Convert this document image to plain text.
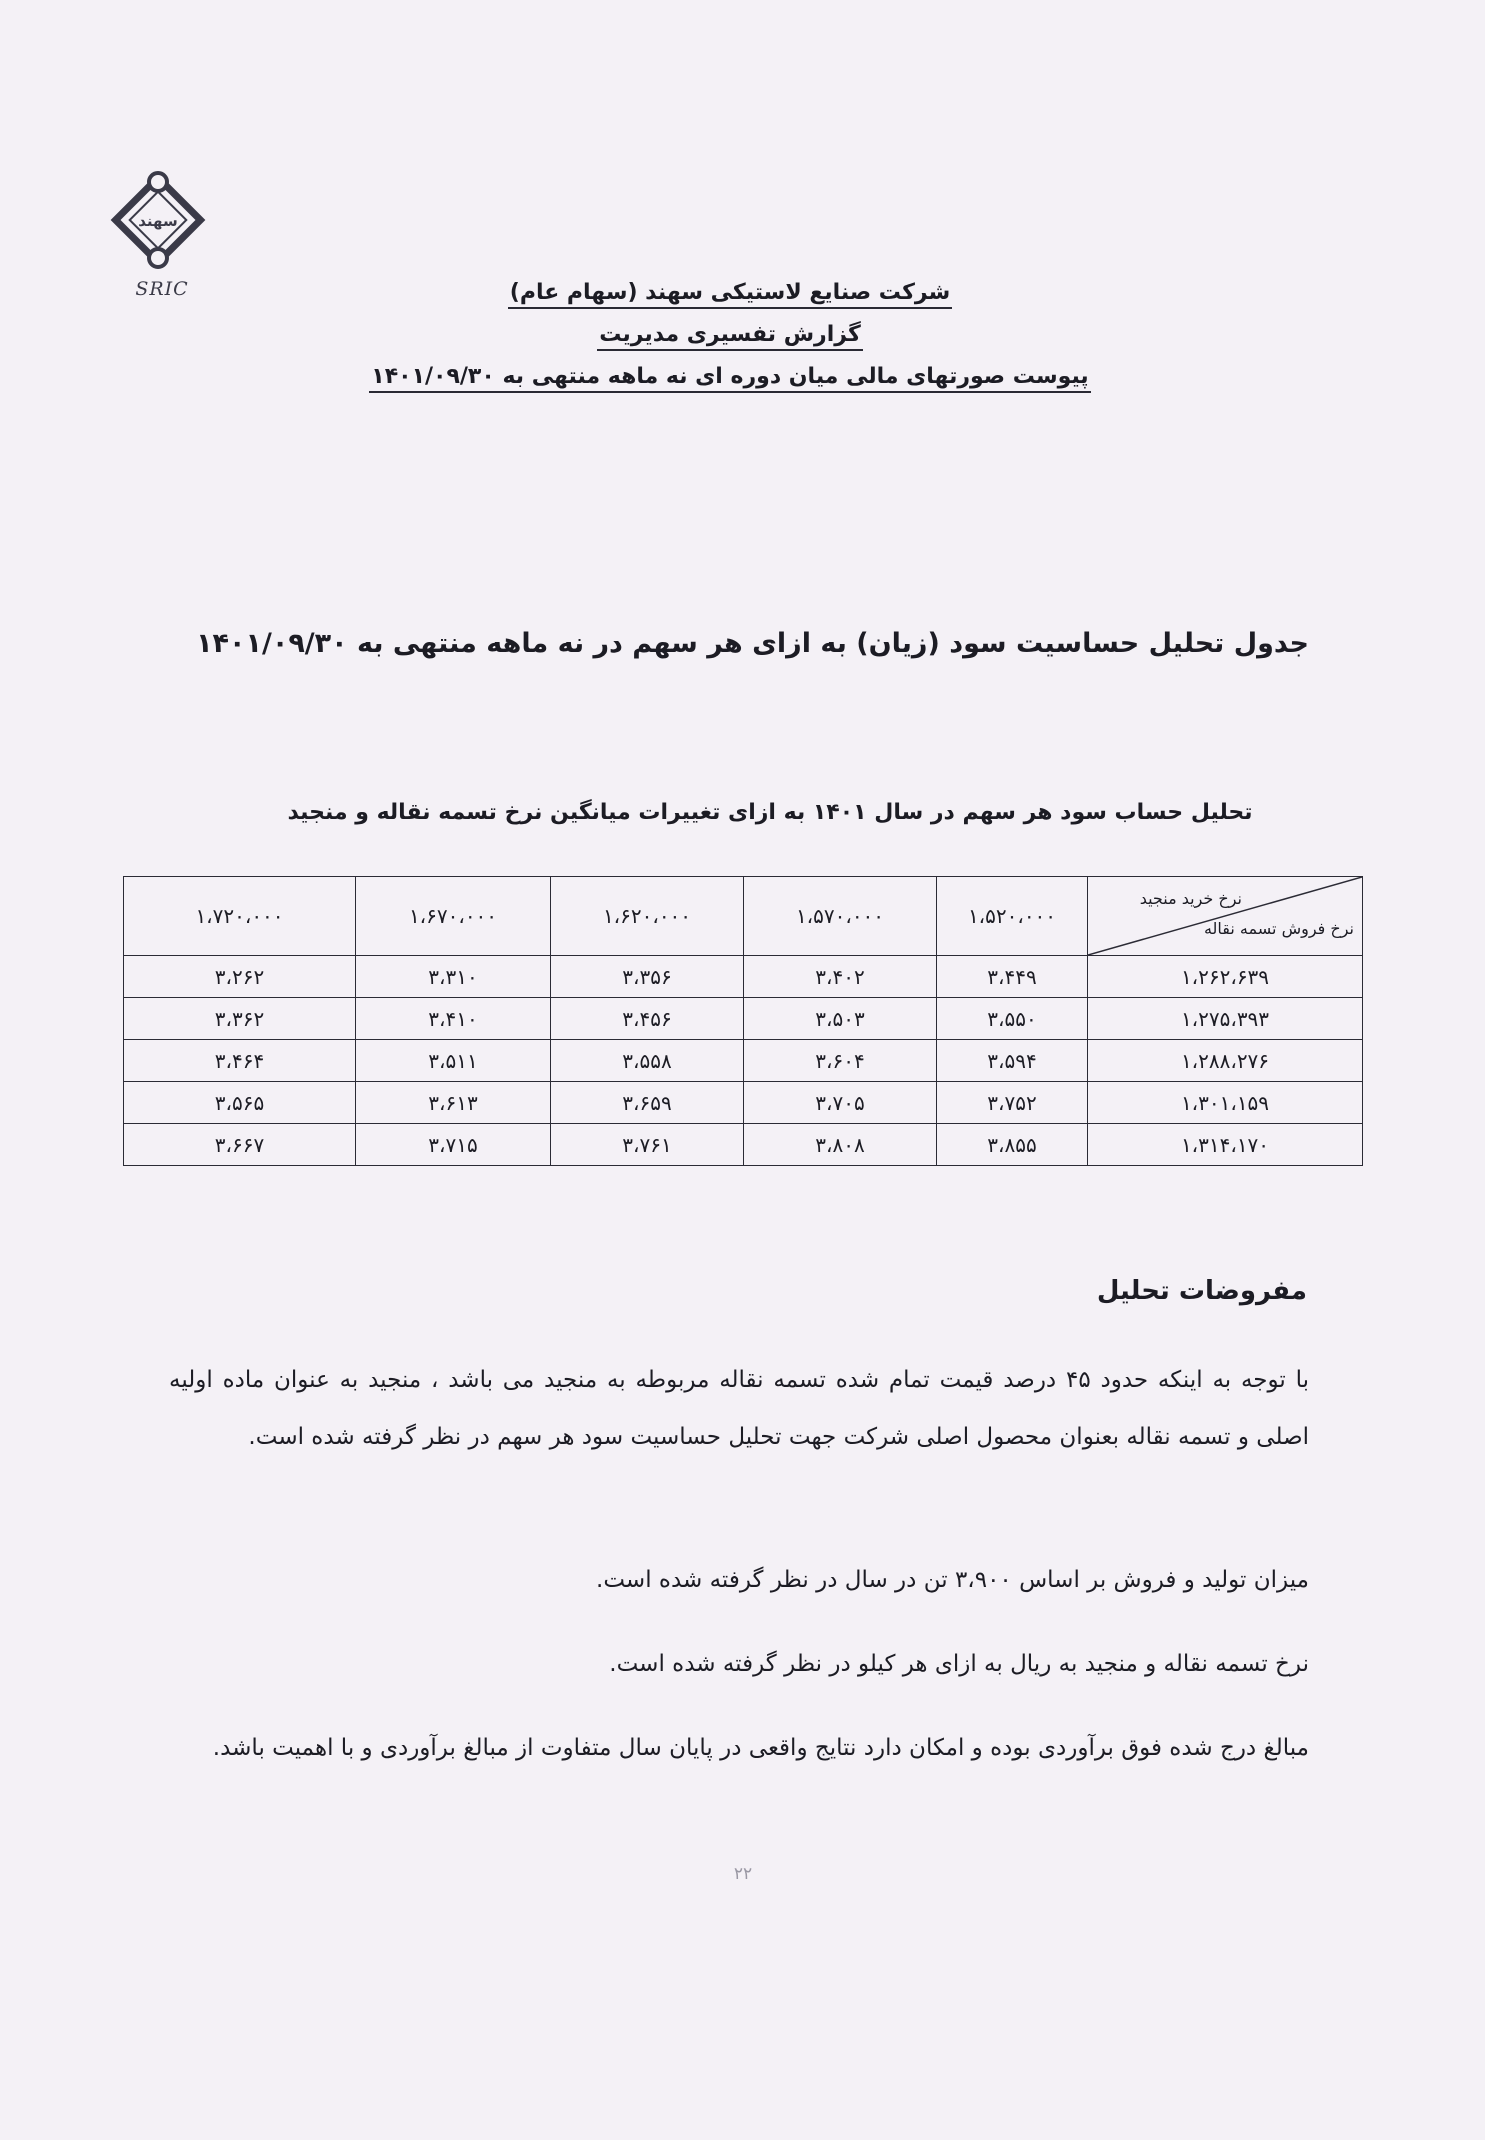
سهند
SRIC	شرکت صنایع لاستیکی سهند (سهام عام)
گزارش تفسیری مدیریت
پیوست صورتهای مالی میان دوره ای نه ماهه منتهی به ۱۴۰۱/۰۹/۳۰
جدول تحلیل حساسیت سود (زیان) به ازای هر سهم در نه ماهه منتهی به ۱۴۰۱/۰۹/۳۰
تحلیل حساب سود هر سهم در سال ۱۴۰۱ به ازای تغییرات میانگین نرخ تسمه نقاله و منجید
نرخ خرید منجید
نرخ فروش تسمه نقاله	۱،۵۲۰،۰۰۰	۱،۵۷۰،۰۰۰	۱،۶۲۰،۰۰۰	۱،۶۷۰،۰۰۰	۱،۷۲۰،۰۰۰
۱،۲۶۲،۶۳۹	۳،۴۴۹	۳،۴۰۲	۳،۳۵۶	۳،۳۱۰	۳،۲۶۲
۱،۲۷۵،۳۹۳	۳،۵۵۰	۳،۵۰۳	۳،۴۵۶	۳،۴۱۰	۳،۳۶۲
۱،۲۸۸،۲۷۶	۳،۵۹۴	۳،۶۰۴	۳،۵۵۸	۳،۵۱۱	۳،۴۶۴
۱،۳۰۱،۱۵۹	۳،۷۵۲	۳،۷۰۵	۳،۶۵۹	۳،۶۱۳	۳،۵۶۵
۱،۳۱۴،۱۷۰	۳،۸۵۵	۳،۸۰۸	۳،۷۶۱	۳،۷۱۵	۳،۶۶۷
مفروضات تحلیل
با توجه به اینکه حدود ۴۵ درصد قیمت تمام شده تسمه نقاله مربوطه به منجید می باشد ، منجید به عنوان ماده اولیه اصلی و تسمه نقاله بعنوان محصول اصلی شرکت جهت تحلیل حساسیت سود هر سهم در نظر گرفته شده است.
میزان تولید و فروش بر اساس ۳،۹۰۰ تن در سال در نظر گرفته شده است.
نرخ تسمه نقاله و منجید به ریال به ازای هر کیلو در نظر گرفته شده است.
مبالغ درج شده فوق برآوردی بوده و امکان دارد نتایج واقعی در پایان سال متفاوت از مبالغ برآوردی و با اهمیت باشد.
۲۲
